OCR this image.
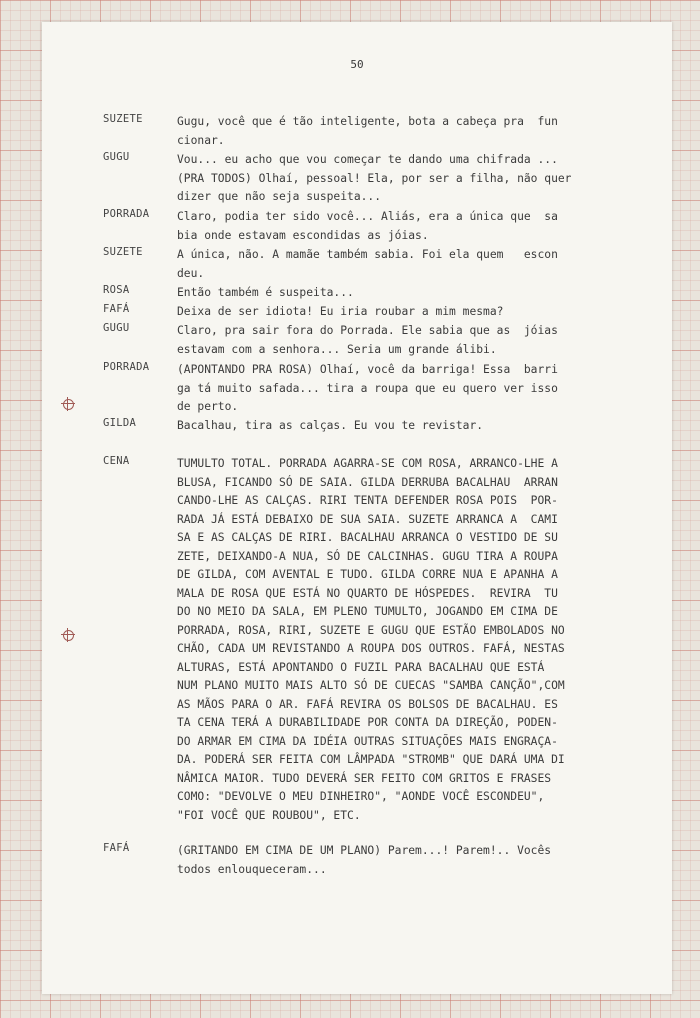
50
SUZETE	Gugu, você que é tão inteligente, bota a cabeça pra  fun
cionar.
GUGU	Vou... eu acho que vou começar te dando uma chifrada ...
(PRA TODOS) Olhaí, pessoal! Ela, por ser a filha, não quer
dizer que não seja suspeita...
PORRADA Claro, podia ter sido você... Aliás, era a única que  sa
bia onde estavam escondidas as jóias.
SUZETE	A única, não. A mamãe também sabia. Foi ela quem   escon
deu.
ROSA	Então também é suspeita...
FAFÁ	Deixa de ser idiota! Eu iria roubar a mim mesma?
GUGU	Claro, pra sair fora do Porrada. Ele sabia que as  jóias
estavam com a senhora... Seria um grande álibi.
PORRADA (APONTANDO PRA ROSA) Olhaí, você da barriga! Essa  barri
ga tá muito safada... tira a roupa que eu quero ver isso
de perto.
GILDA	Bacalhau, tira as calças. Eu vou te revistar.
CENA	TUMULTO TOTAL. PORRADA AGARRA-SE COM ROSA, ARRANCO-LHE A
BLUSA, FICANDO SÓ DE SAIA. GILDA DERRUBA BACALHAU  ARRAN
CANDO-LHE AS CALÇAS. RIRI TENTA DEFENDER ROSA POIS  POR-
RADA JÁ ESTÁ DEBAIXO DE SUA SAIA. SUZETE ARRANCA A  CAMI
SA E AS CALÇAS DE RIRI. BACALHAU ARRANCA O VESTIDO DE SU
ZETE, DEIXANDO-A NUA, SÓ DE CALCINHAS. GUGU TIRA A ROUPA
DE GILDA, COM AVENTAL E TUDO. GILDA CORRE NUA E APANHA A
MALA DE ROSA QUE ESTÁ NO QUARTO DE HÓSPEDES.  REVIRA  TU
DO NO MEIO DA SALA, EM PLENO TUMULTO, JOGANDO EM CIMA DE
PORRADA, ROSA, RIRI, SUZETE E GUGU QUE ESTÃO EMBOLADOS NO
CHÃO, CADA UM REVISTANDO A ROUPA DOS OUTROS. FAFÁ, NESTAS
ALTURAS, ESTÁ APONTANDO O FUZIL PARA BACALHAU QUE ESTÁ
NUM PLANO MUITO MAIS ALTO SÓ DE CUECAS "SAMBA CANÇÃO",COM
AS MÃOS PARA O AR. FAFÁ REVIRA OS BOLSOS DE BACALHAU. ES
TA CENA TERÁ A DURABILIDADE POR CONTA DA DIREÇÃO, PODEN-
DO ARMAR EM CIMA DA IDÉIA OUTRAS SITUAÇÕES MAIS ENGRAÇA-
DA. PODERÁ SER FEITA COM LÂMPADA "STROMB" QUE DARÁ UMA DI
NÂMICA MAIOR. TUDO DEVERÁ SER FEITO COM GRITOS E FRASES
COMO: "DEVOLVE O MEU DINHEIRO", "AONDE VOCÊ ESCONDEU",
"FOI VOCÊ QUE ROUBOU", ETC.
FAFÁ	(GRITANDO EM CIMA DE UM PLANO) Parem...! Parem!.. Vocês
todos enlouqueceram...
